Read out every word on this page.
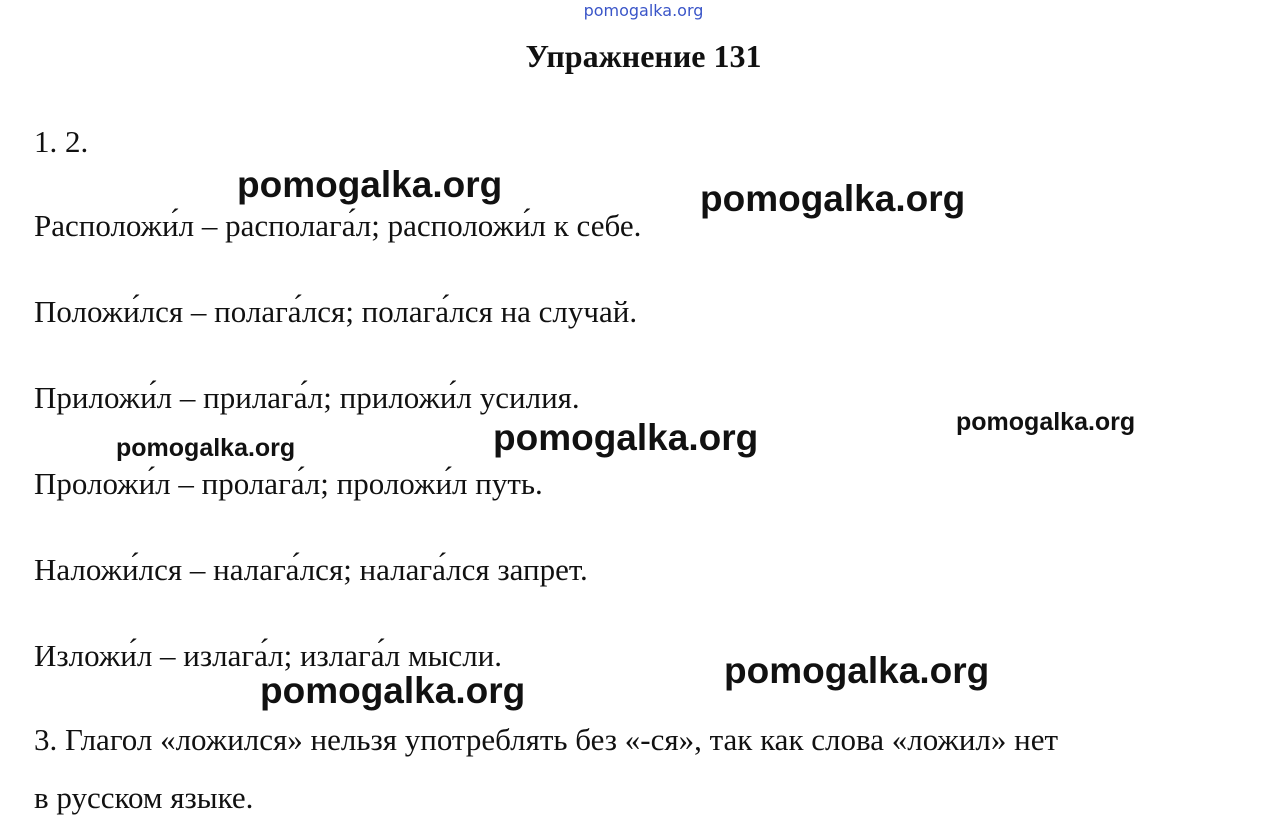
pomogalka.org
Упражнение 131

1. 2.

Расположи́л – располага́л; расположи́л к себе.

Положи́лся – полага́лся; полага́лся на случай.

Приложи́л – прилага́л; приложи́л усилия.

Проложи́л – пролага́л; проложи́л путь.

Наложи́лся – налага́лся; налага́лся запрет.

Изложи́л – излага́л; излага́л мысли.

3. Глагол «ложился» нельзя употреблять без «-ся», так как слова «ложил» нет

в русском языке.

pomogalka.org	pomogalka.org
pomogalka.org
pomogalka.org
pomogalka.org
pomogalka.org
pomogalka.org
